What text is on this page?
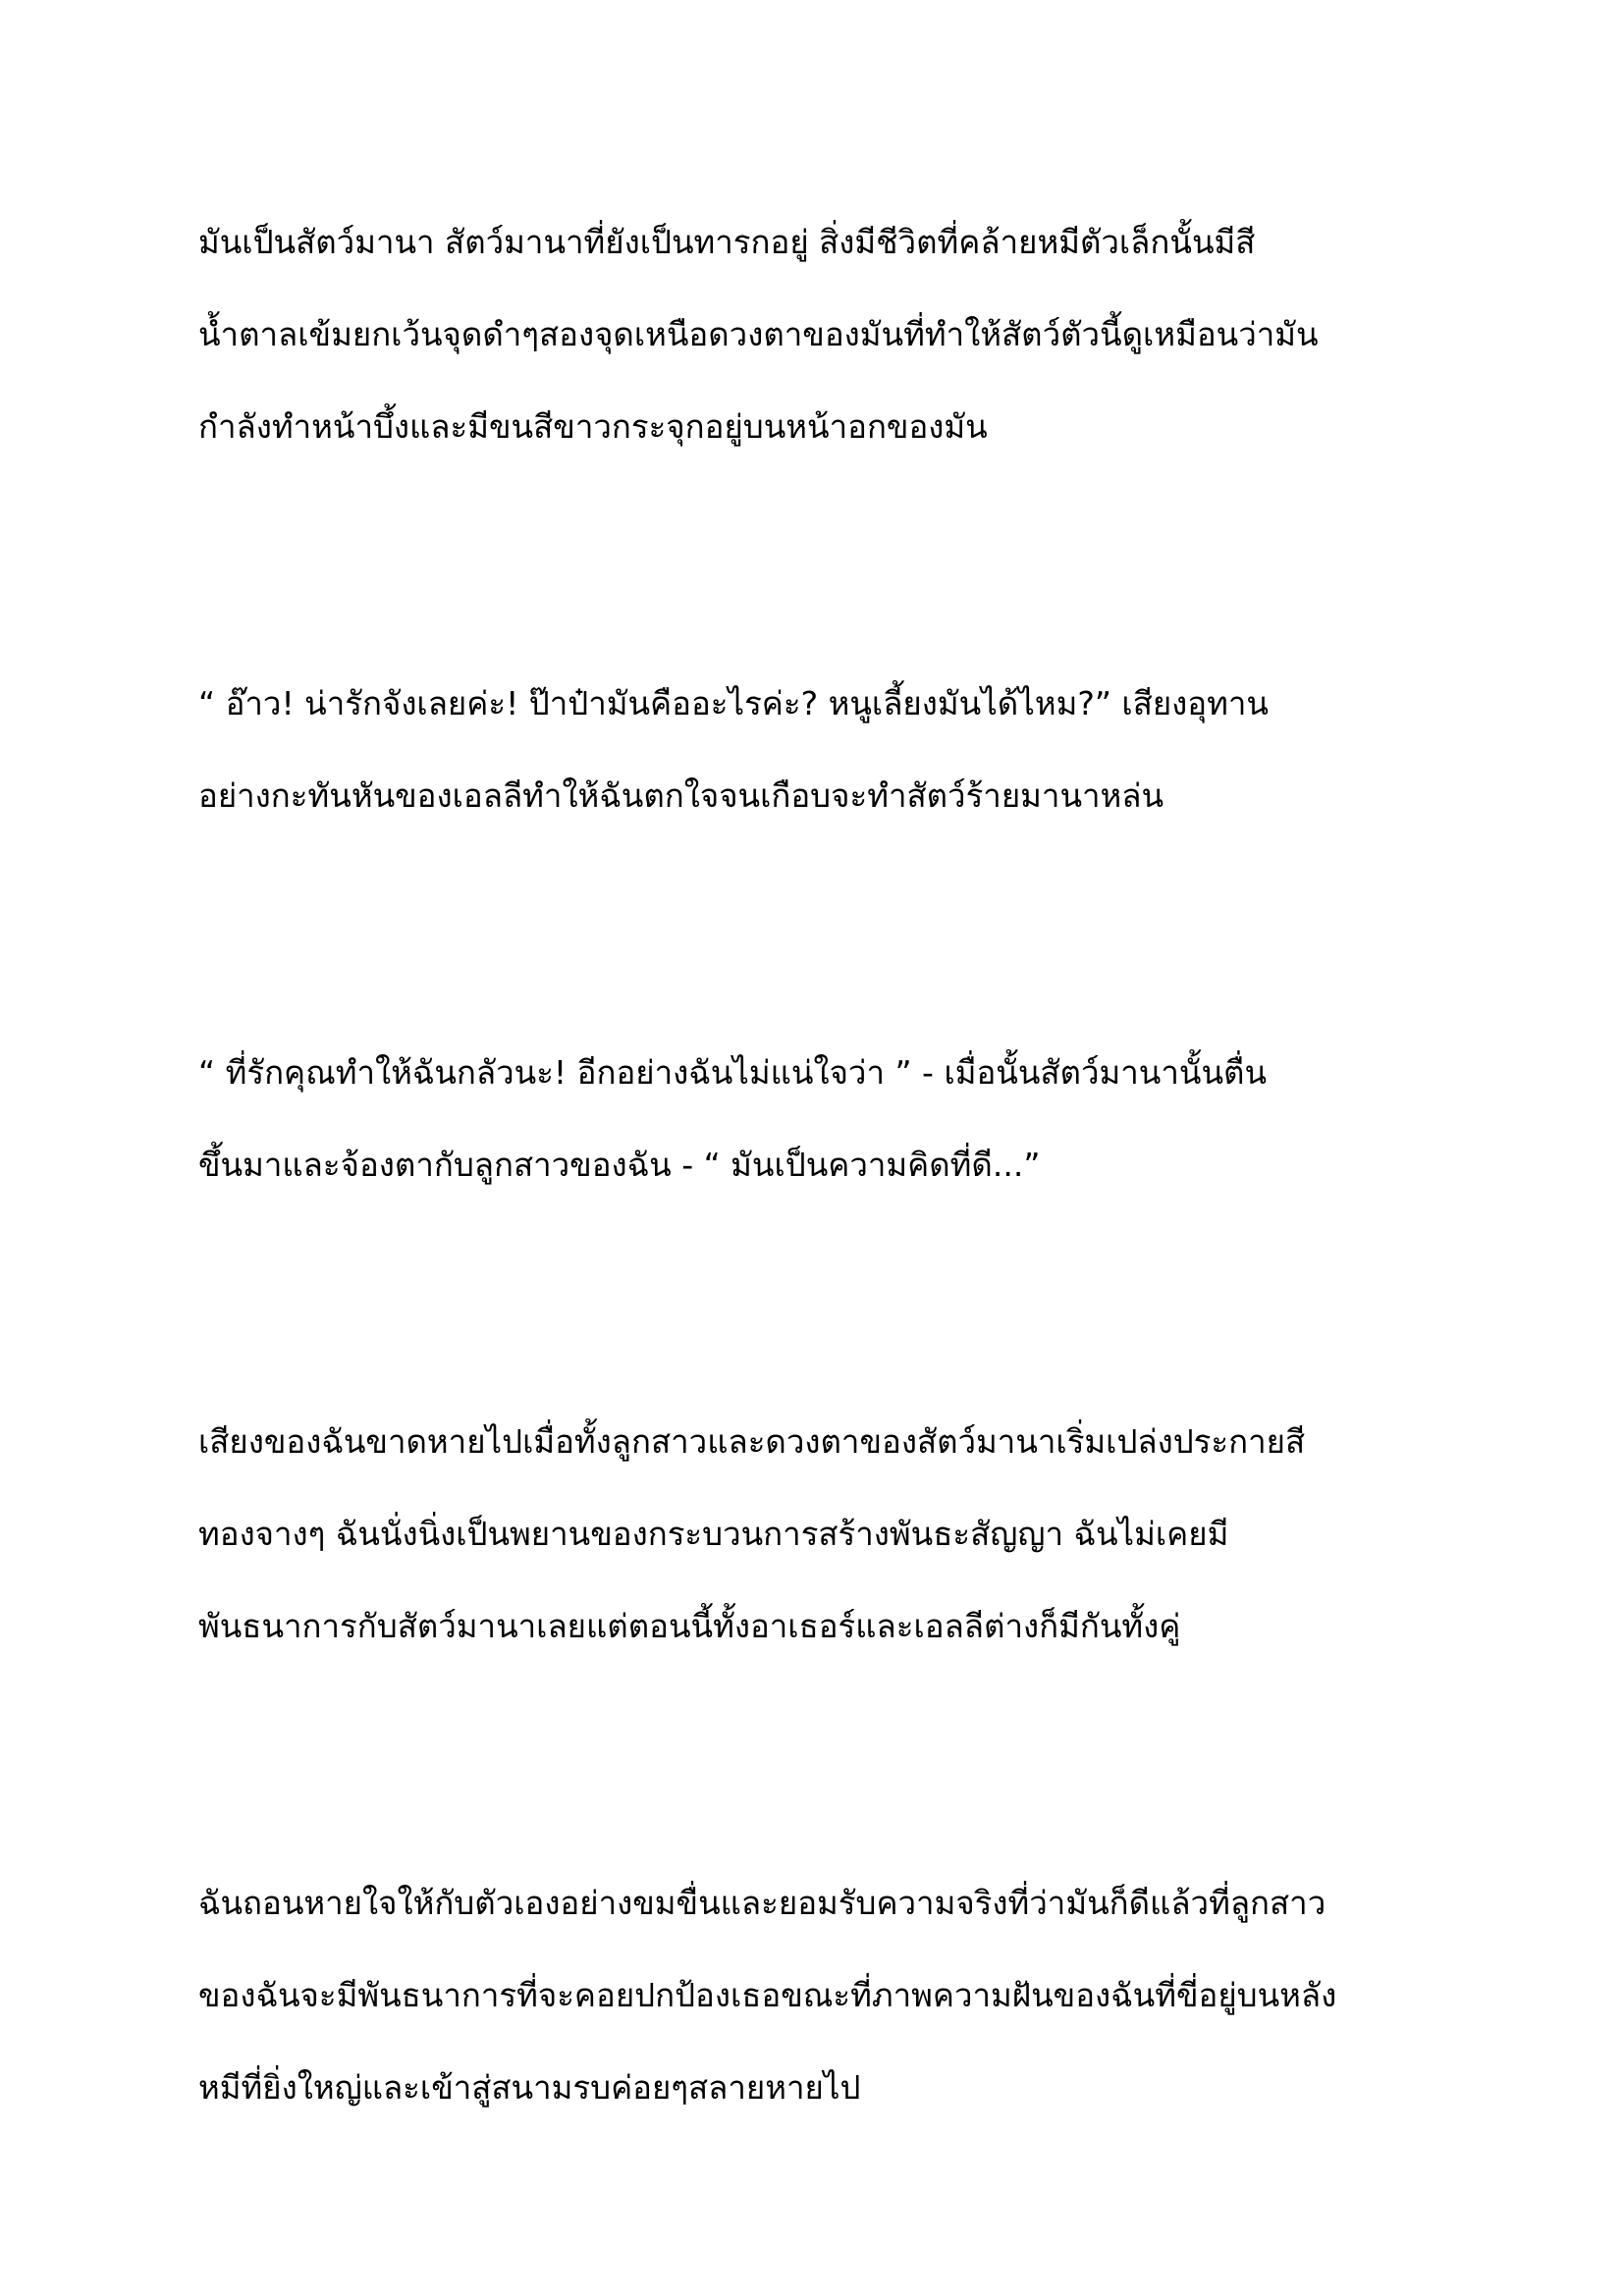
มันเป็นสัตว์มานา สัตว์มานาที่ยังเป็นทารกอยู่ สิ่งมีชีวิตที่คล้ายหมีตัวเล็กนั้นมีสี
น้ำตาลเข้มยกเว้นจุดดำๆสองจุดเหนือดวงตาของมันที่ทำให้สัตว์ตัวนี้ดูเหมือนว่ามัน
กำลังทำหน้าบึ้งและมีขนสีขาวกระจุกอยู่บนหน้าอกของมัน
“ อ๊าว! น่ารักจังเลยค่ะ! ป๊าป๋ามันคืออะไรค่ะ? หนูเลี้ยงมันได้ไหม?” เสียงอุทาน
อย่างกะทันหันของเอลลีทำให้ฉันตกใจจนเกือบจะทำสัตว์ร้ายมานาหล่น
“ ที่รักคุณทำให้ฉันกลัวนะ! อีกอย่างฉันไม่แน่ใจว่า ” - เมื่อนั้นสัตว์มานานั้นตื่น
ขึ้นมาและจ้องตากับลูกสาวของฉัน - “ มันเป็นความคิดที่ดี...”
เสียงของฉันขาดหายไปเมื่อทั้งลูกสาวและดวงตาของสัตว์มานาเริ่มเปล่งประกายสี
ทองจางๆ ฉันนั่งนิ่งเป็นพยานของกระบวนการสร้างพันธะสัญญา ฉันไม่เคยมี
พันธนาการกับสัตว์มานาเลยแต่ตอนนี้ทั้งอาเธอร์และเอลลีต่างก็มีกันทั้งคู่
ฉันถอนหายใจให้กับตัวเองอย่างขมขื่นและยอมรับความจริงที่ว่ามันก็ดีแล้วที่ลูกสาว
ของฉันจะมีพันธนาการที่จะคอยปกป้องเธอขณะที่ภาพความฝันของฉันที่ขี่อยู่บนหลัง
หมีที่ยิ่งใหญ่และเข้าสู่สนามรบค่อยๆสลายหายไป
